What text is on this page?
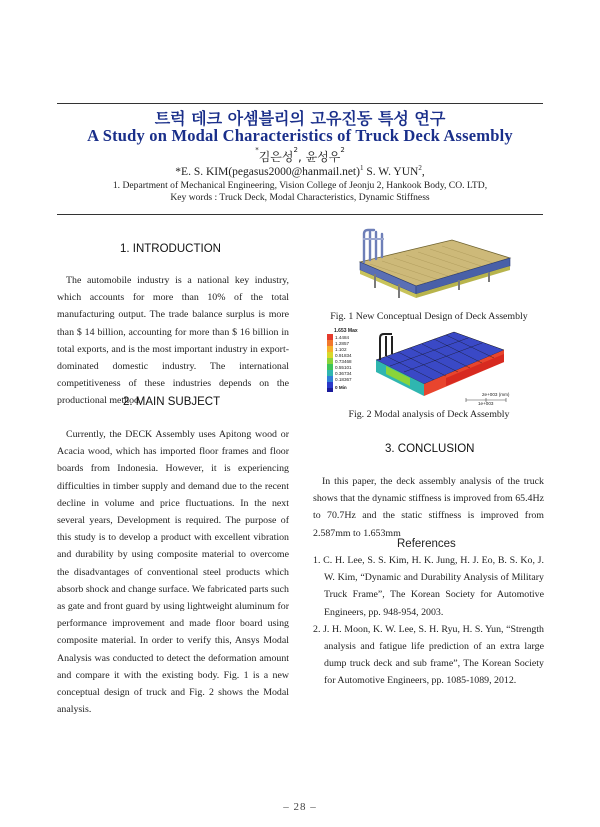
트럭 데크 아셈블리의 고유진동 특성 연구
A Study on Modal Characteristics of Truck Deck Assembly
*김은성$^2$, 윤성우$^2$
*E. S. KIM(pegasus2000@hanmail.net)$^1$ S. W. YUN$^2$,
1. Department of Mechanical Engineering, Vision College of Jeonju 2, Hankook Body, CO. LTD,
Key words : Truck Deck, Modal Characteristics, Dynamic Stiffness
1. INTRODUCTION

The automobile industry is a national key industry, which accounts for more than 10% of the total manufacturing output. The trade balance surplus is more than $ 14 billion, accounting for more than $ 16 billion in total exports, and is the most important industry in export-dominated domestic industry. The international competitiveness of these industries depends on the productional method

2. MAIN SUBJECT

Currently, the DECK Assembly uses Apitong wood or Acacia wood, which has imported floor frames and floor boards from Indonesia. However, it is experiencing difficulties in timber supply and demand due to the recent decline in volume and price fluctuations. In the next several years, Development is required. The purpose of this study is to develop a product with excellent vibration and durability by using composite material to overcome the disadvantages of conventional steel products which absorb shock and change surface. We fabricated parts such as gate and front guard by using lightweight aluminum for performance improvement and made floor board using composite material. In order to verify this, Ansys Modal Analysis was conducted to detect the deformation amount and compare it with the existing body. Fig. 1 is a new conceptual design of truck and Fig. 2 shows the Modal analysis.

Fig. 1 New Conceptual Design of Deck Assembly
1.653 Max
1.4484
1.2857
1.102
0.91834
0.73468
0.55101
0.36734
0.18367
0 Min
2e+003 (mm)
1e+003
Fig. 2 Modal analysis of Deck Assembly
3. CONCLUSION

In this paper, the deck assembly analysis of the truck shows that the dynamic stiffness is improved from 65.4Hz to 70.7Hz and the static stiffness is improved from 2.587mm to 1.653mm

References
1. C. H. Lee, S. S. Kim, H. K. Jung, H. J. Eo, B. S. Ko, J. W. Kim, “Dynamic and Durability Analysis of Military Truck Frame”, The Korean Society for Automotive Engineers, pp. 948-954, 2003.
2. J. H. Moon, K. W. Lee, S. H. Ryu, H. S. Yun, “Strength analysis and fatigue life prediction of an extra large dump truck deck and sub frame”, The Korean Society for Automotive Engineers, pp. 1085-1089, 2012.
– 28 –
